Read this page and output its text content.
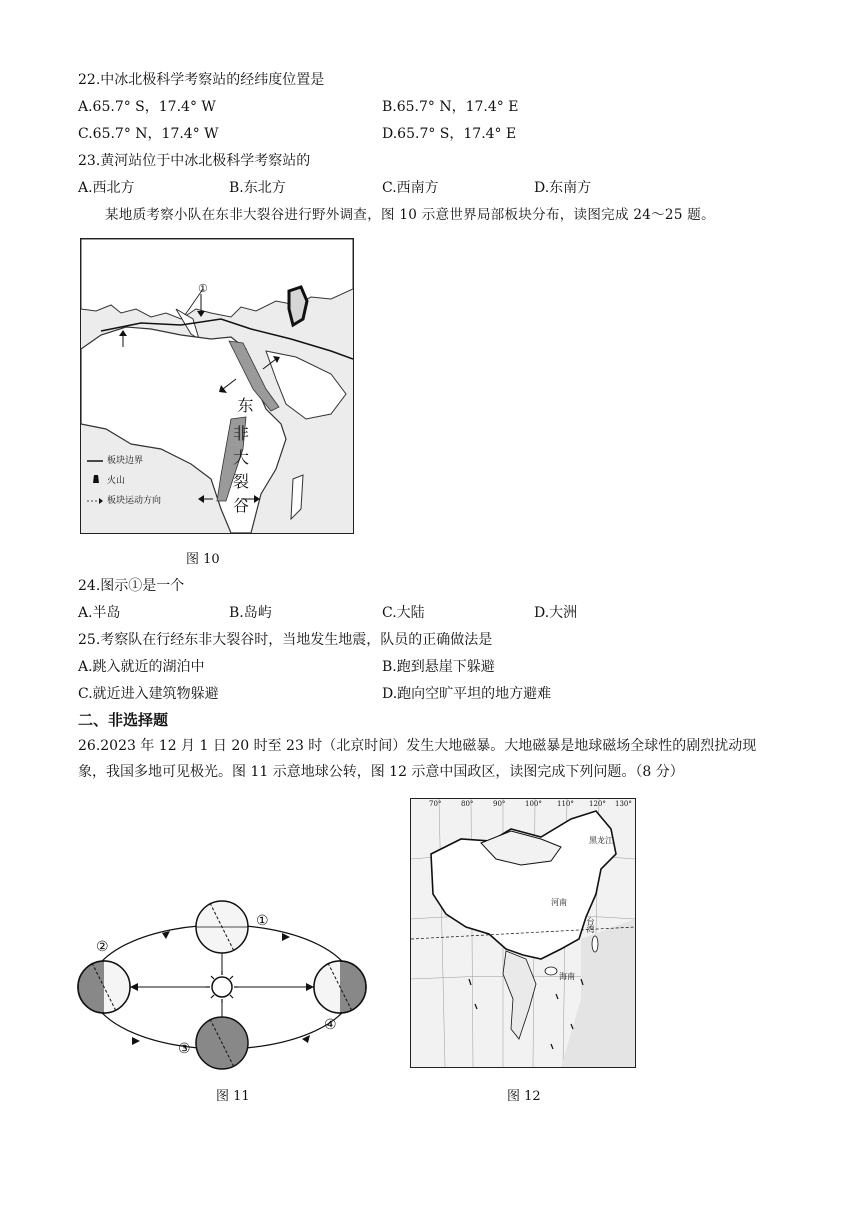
22.中冰北极科学考察站的经纬度位置是
A.65.7° S，17.4° W	B.65.7° N，17.4° E
C.65.7° N，17.4° W	D.65.7° S，17.4° E
23.黄河站位于中冰北极科学考察站的
A.西北方	B.东北方	C.西南方	D.东南方
某地质考察小队在东非大裂谷进行野外调查，图 10 示意世界局部板块分布，读图完成 24～25 题。
①
东
非
大
裂
谷
板块边界
火山
板块运动方向
图 10
24.图示①是一个
A.半岛	B.岛屿	C.大陆	D.大洲
25.考察队在行经东非大裂谷时，当地发生地震，队员的正确做法是
A.跳入就近的湖泊中	B.跑到悬崖下躲避
C.就近进入建筑物躲避	D.跑向空旷平坦的地方避难
二、非选择题
26.2023 年 12 月 1 日 20 时至 23 时（北京时间）发生大地磁暴。大地磁暴是地球磁场全球性的剧烈扰动现象，我国多地可见极光。图 11 示意地球公转，图 12 示意中国政区，读图完成下列问题。（8 分）
①
②
③
④
图 11
70°	80°	90°	100° 110° 120° 130°
黑龙江
河南
海南
台湾
图 12
